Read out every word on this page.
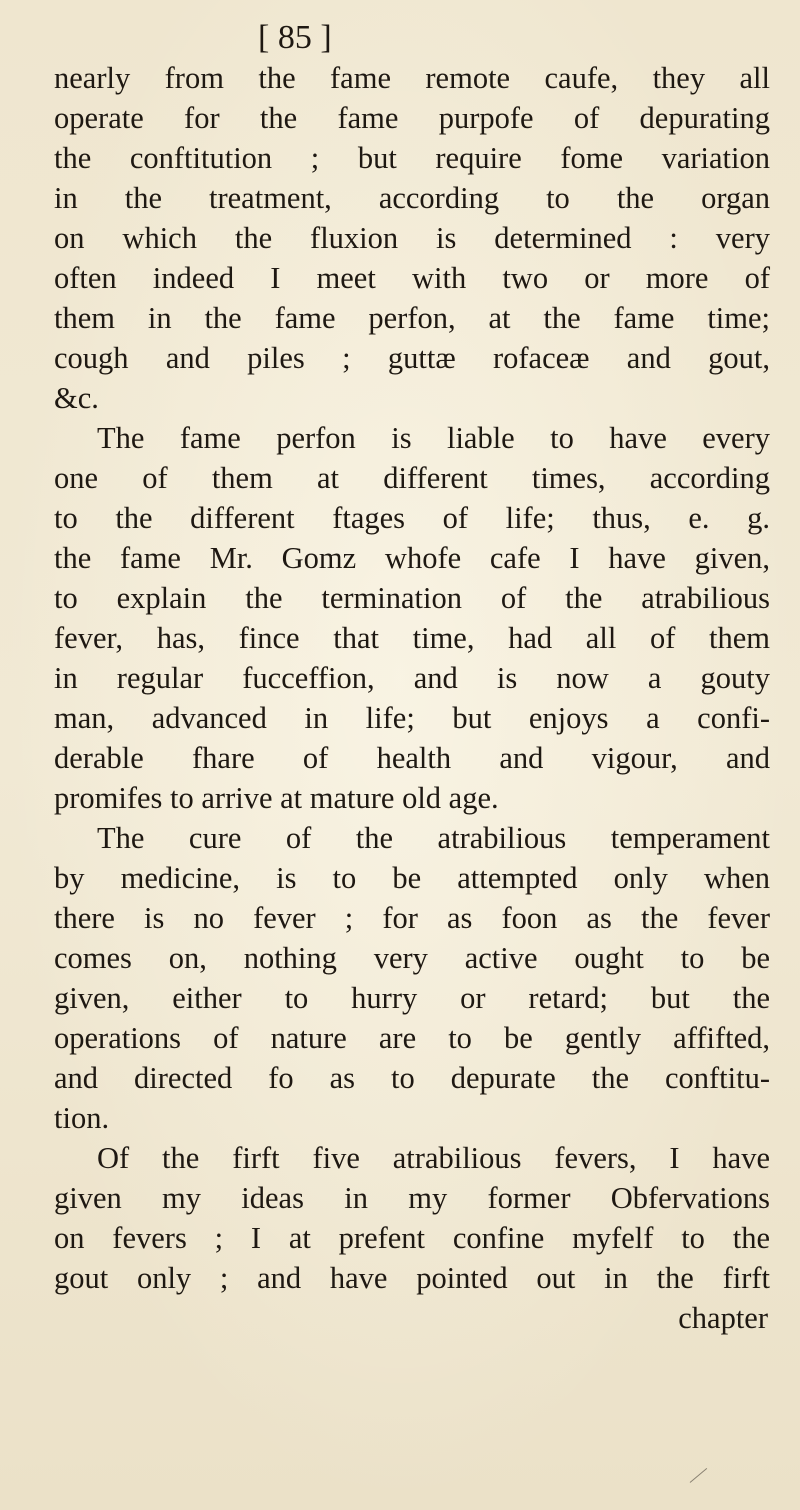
[ 85 ]
nearly from the fame remote caufe, they all
operate for the fame purpofe of depurating
the conftitution ; but require fome variation
in the treatment, according to the organ
on which the fluxion is determined : very
often indeed I meet with two or more of
them in the fame perfon, at the fame time;
cough and piles ; guttæ rofaceæ and gout,
&c.
The fame perfon is liable to have every
one of them at different times, according
to the different ftages of life; thus, e. g.
the fame Mr. Gomz whofe cafe I have given,
to explain the termination of the atrabilious
fever, has, fince that time, had all of them
in regular fucceffion, and is now a gouty
man, advanced in life; but enjoys a confi-
derable fhare of health and vigour, and
promifes to arrive at mature old age.
The cure of the atrabilious temperament
by medicine, is to be attempted only when
there is no fever ; for as foon as the fever
comes on, nothing very active ought to be
given, either to hurry or retard; but the
operations of nature are to be gently affifted,
and directed fo as to depurate the conftitu-
tion.
Of the firft five atrabilious fevers, I have
given my ideas in my former Obfervations
on fevers ; I at prefent confine myfelf to the
gout only ; and have pointed out in the firft
chapter
